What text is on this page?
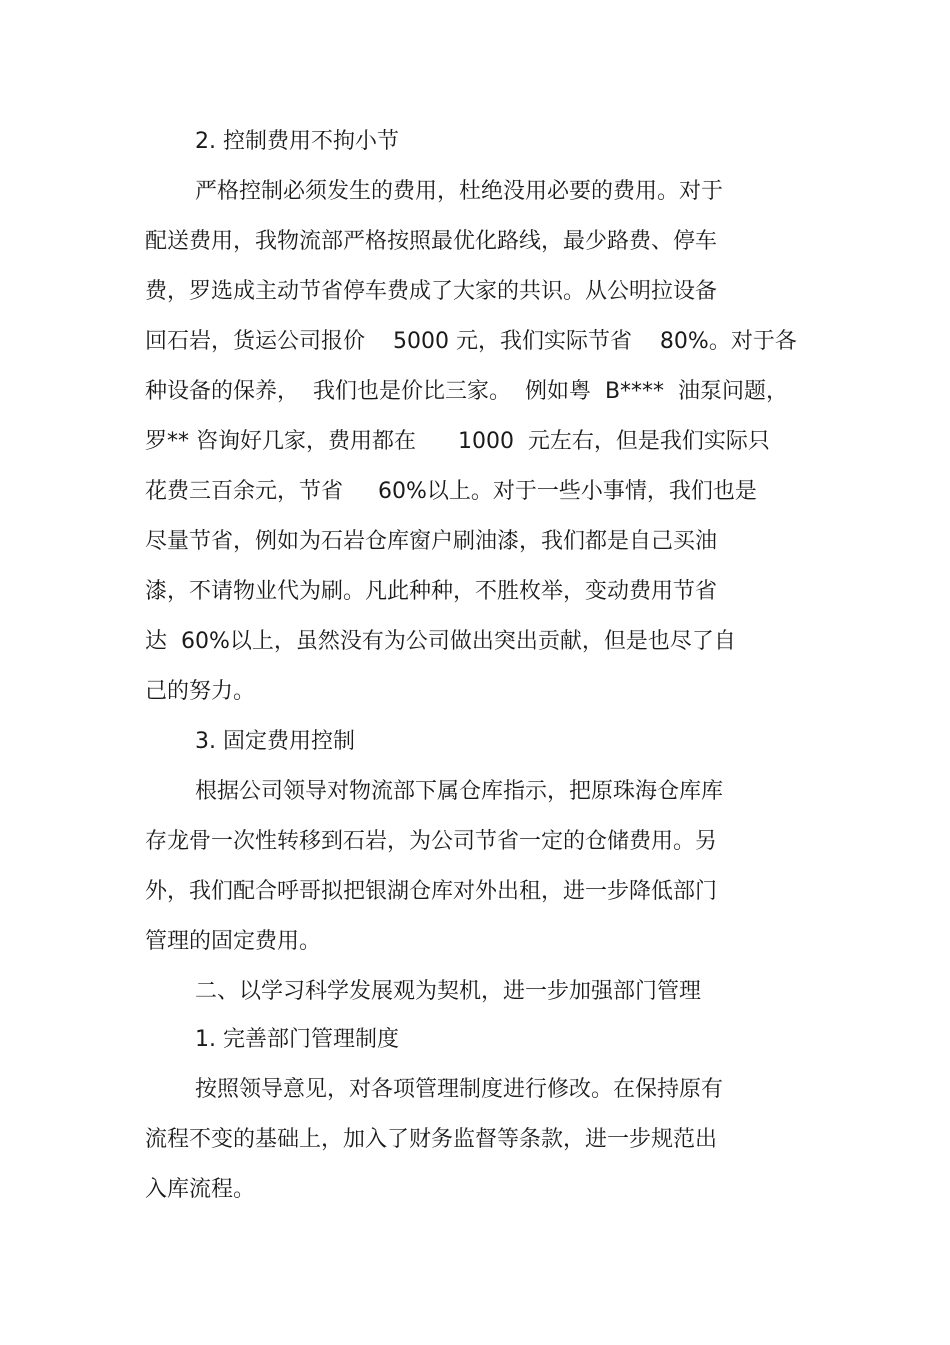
2. 控制费用不拘小节

严格控制必须发生的费用，杜绝没用必要的费用。对于

配送费用，我物流部严格按照最优化路线，最少路费、停车

费，罗选成主动节省停车费成了大家的共识。从公明拉设备

回石岩，货运公司报价    5000 元，我们实际节省    80%。对于各

种设备的保养，  我们也是价比三家。  例如粤  B****  油泵问题，

罗** 咨询好几家，费用都在      1000  元左右，但是我们实际只

花费三百余元，节省     60%以上。对于一些小事情，我们也是

尽量节省，例如为石岩仓库窗户刷油漆，我们都是自己买油

漆，不请物业代为刷。凡此种种，不胜枚举，变动费用节省

达  60%以上，虽然没有为公司做出突出贡献，但是也尽了自

己的努力。

3. 固定费用控制

根据公司领导对物流部下属仓库指示，把原珠海仓库库

存龙骨一次性转移到石岩，为公司节省一定的仓储费用。另

外，我们配合呼哥拟把银湖仓库对外出租，进一步降低部门

管理的固定费用。

二、以学习科学发展观为契机，进一步加强部门管理

1. 完善部门管理制度

按照领导意见，对各项管理制度进行修改。在保持原有

流程不变的基础上，加入了财务监督等条款，进一步规范出

入库流程。
